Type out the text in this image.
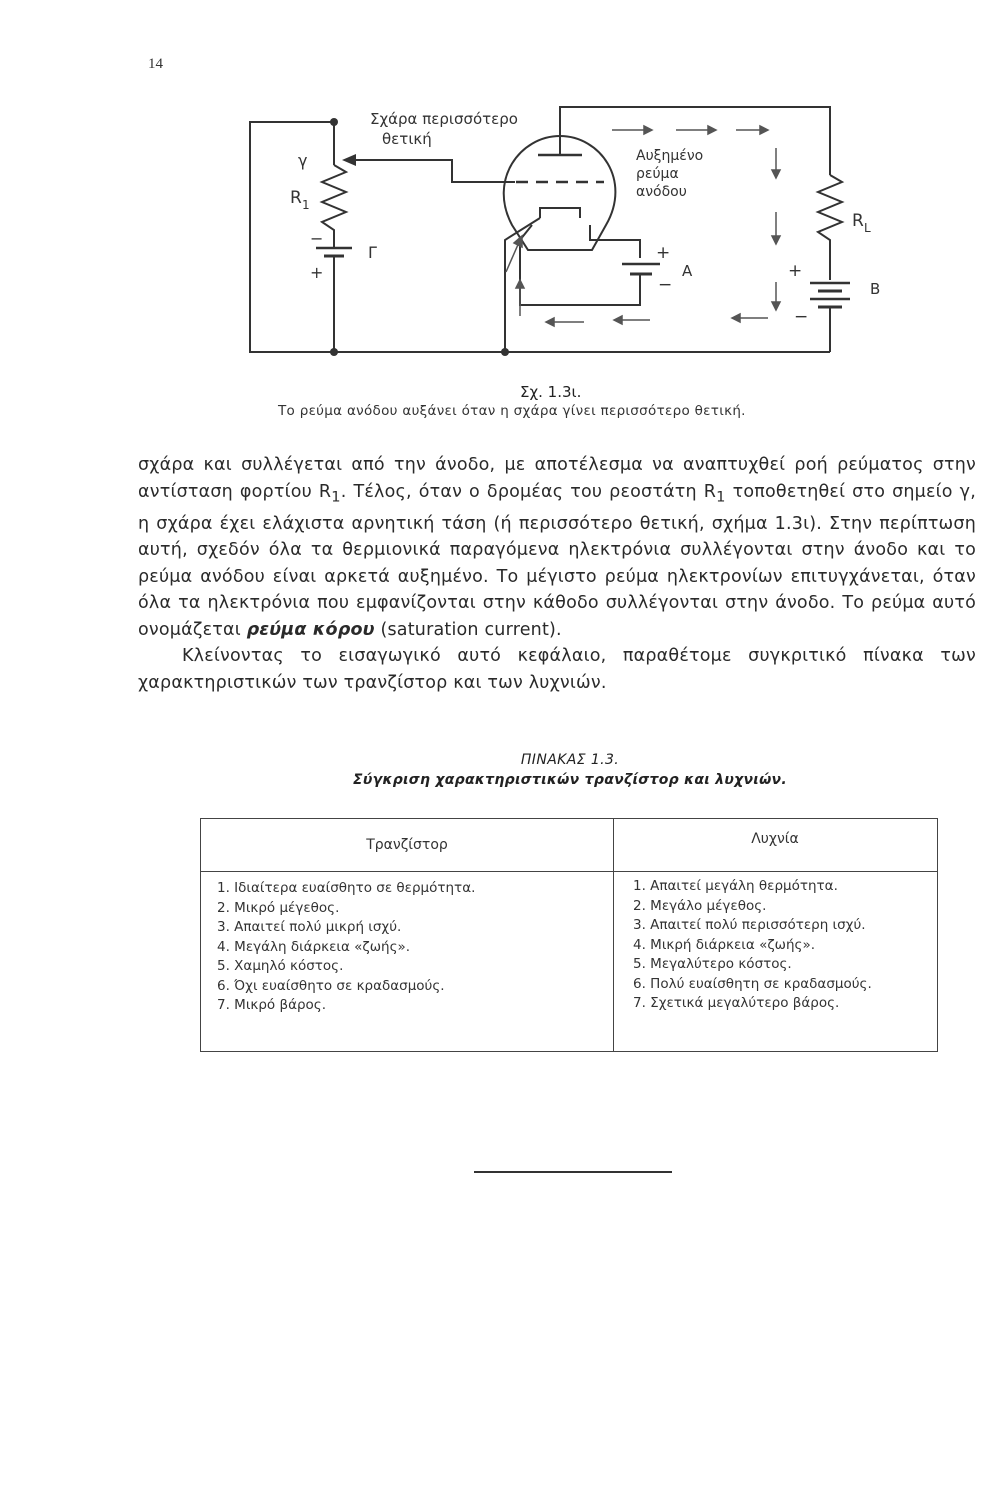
14
Σχάρα περισσότερο
θετική
γ
R 1
−
+
Γ
Αυξημένο
ρεύμα
ανόδου
R L
+
Α
−
+
Β
−
Σχ. 1.3ι.
Το ρεύμα ανόδου αυξάνει όταν η σχάρα γίνει περισσότερο θετική.

σχάρα και συλλέγεται από την άνοδο, με αποτέλεσμα να αναπτυχθεί ροή ρεύματος στην αντίσταση φορτίου $R_1$. Τέλος, όταν ο δρομέας του ρεοστάτη $R_1$ τοποθετηθεί στο σημείο γ, η σχάρα έχει ελάχιστα αρνητική τάση (ή περισσότερο θετική, σχήμα 1.3ι). Στην περίπτωση αυτή, σχεδόν όλα τα θερμιονικά παραγόμενα ηλεκτρόνια συλλέγονται στην άνοδο και το ρεύμα ανόδου είναι αρκετά αυξημένο. Το μέγιστο ρεύμα ηλεκτρονίων επιτυγχάνεται, όταν όλα τα ηλεκτρόνια που εμφανίζονται στην κάθοδο συλλέγονται στην άνοδο. Το ρεύμα αυτό ονομάζεται ρεύμα κόρου (saturation current).

Κλείνοντας το εισαγωγικό αυτό κεφάλαιο, παραθέτομε συγκριτικό πίνακα των χαρακτηριστικών των τρανζίστορ και των λυχνιών.

ΠΙΝΑΚΑΣ 1.3.
Σύγκριση χαρακτηριστικών τρανζίστορ και λυχνιών.
Τρανζίστορ	Λυχνία
1. Ιδιαίτερα ευαίσθητο σε θερμότητα.
2. Μικρό μέγεθος.
3. Απαιτεί πολύ μικρή ισχύ.
4. Μεγάλη διάρκεια «ζωής».
5. Χαμηλό κόστος.
6. Όχι ευαίσθητο σε κραδασμούς.
7. Μικρό βάρος.
1. Απαιτεί μεγάλη θερμότητα.
2. Μεγάλο μέγεθος.
3. Απαιτεί πολύ περισσότερη ισχύ.
4. Μικρή διάρκεια «ζωής».
5. Μεγαλύτερο κόστος.
6. Πολύ ευαίσθητη σε κραδασμούς.
7. Σχετικά μεγαλύτερο βάρος.
